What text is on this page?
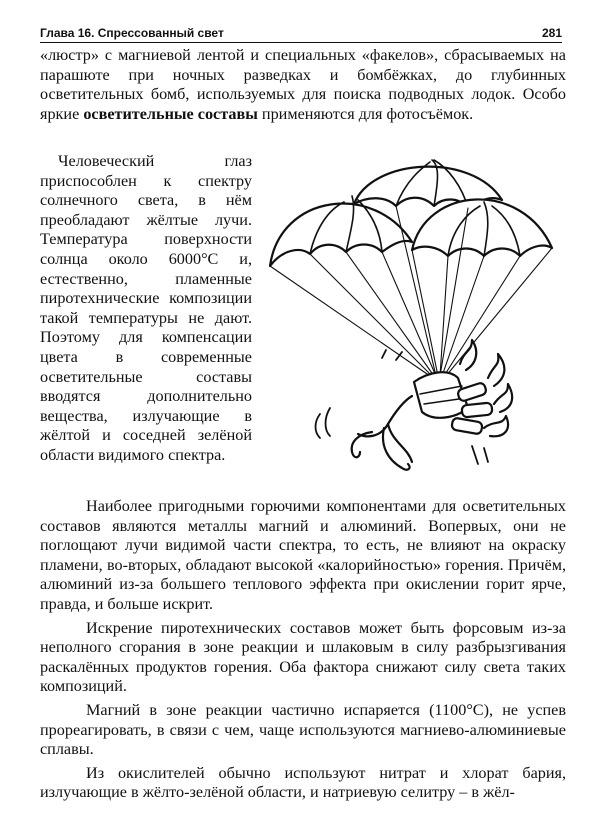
Глава 16. Спрессованный свет	281

«люстр» с магниевой лентой и специальных «факелов», сбрасываемых на парашюте при ночных разведках и бомбёжках, до глубинных осветительных бомб, используемых для поиска подводных лодок. Особо яркие осветительные составы применяются для фотосъёмок.

Человеческий глаз приспособлен к спектру солнечного света, в нём преобладают жёлтые лучи. Температура поверхности солнца около 6000°С и, естественно, пламенные пиротехнические композиции такой температуры не дают. Поэтому для компенсации цвета в современные осветительные составы вводятся дополнительно вещества, излучающие в жёлтой и соседней зелёной области видимого спектра.

Наиболее пригодными горючими компонентами для осветительных составов являются металлы магний и алюминий. Вопервых, они не поглощают лучи видимой части спектра, то есть, не влияют на окраску пламени, во-вторых, обладают высокой «калорийностью» горения. Причём, алюминий из-за большего теплового эффекта при окислении горит ярче, правда, и больше искрит.

Искрение пиротехнических составов может быть форсовым из-за неполного сгорания в зоне реакции и шлаковым в силу разбрызгивания раскалённых продуктов горения. Оба фактора снижают силу света таких композиций.

Магний в зоне реакции частично испаряется (1100°С), не успев прореагировать, в связи с чем, чаще используются магниево-алюминиевые сплавы.

Из окислителей обычно используют нитрат и хлорат бария, излучающие в жёлто-зелёной области, и натриевую селитру – в жёл-
